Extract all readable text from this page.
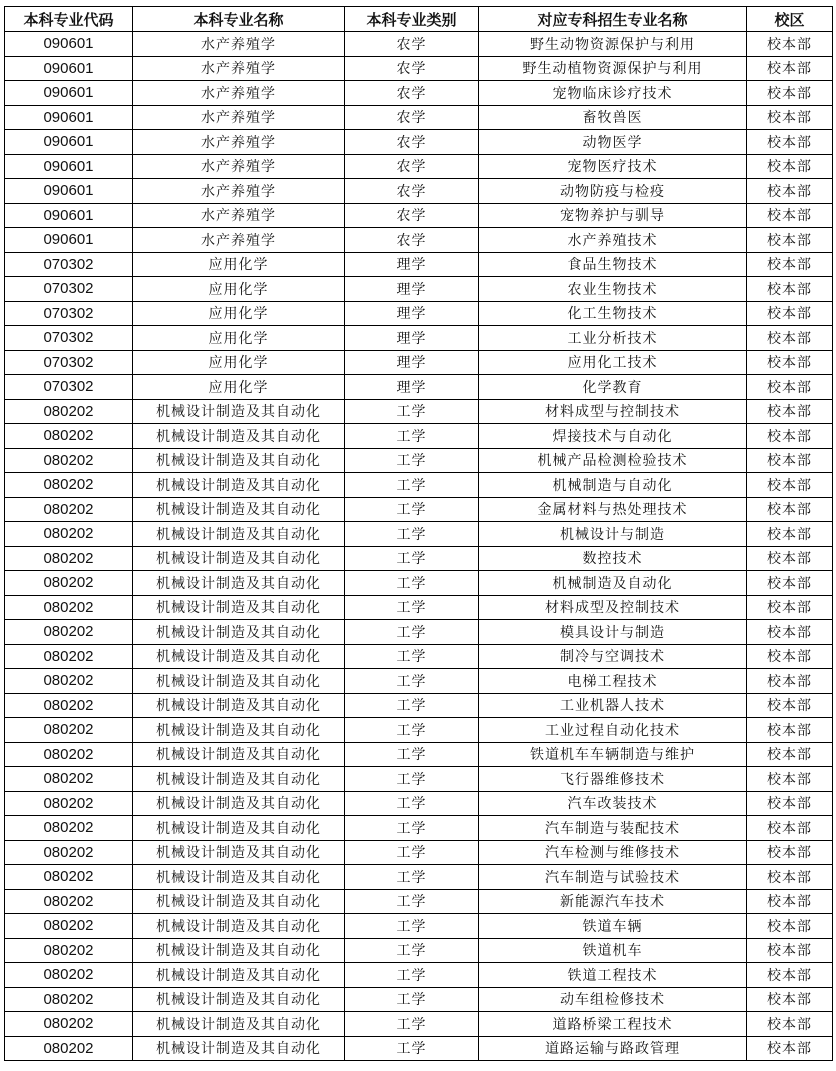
本科专业代码	本科专业名称	本科专业类别	对应专科招生专业名称	校区
090601	水产养殖学	农学	野生动物资源保护与利用	校本部
090601	水产养殖学	农学	野生动植物资源保护与利用	校本部
090601	水产养殖学	农学	宠物临床诊疗技术	校本部
090601	水产养殖学	农学	畜牧兽医	校本部
090601	水产养殖学	农学	动物医学	校本部
090601	水产养殖学	农学	宠物医疗技术	校本部
090601	水产养殖学	农学	动物防疫与检疫	校本部
090601	水产养殖学	农学	宠物养护与驯导	校本部
090601	水产养殖学	农学	水产养殖技术	校本部
070302	应用化学	理学	食品生物技术	校本部
070302	应用化学	理学	农业生物技术	校本部
070302	应用化学	理学	化工生物技术	校本部
070302	应用化学	理学	工业分析技术	校本部
070302	应用化学	理学	应用化工技术	校本部
070302	应用化学	理学	化学教育	校本部
080202	机械设计制造及其自动化	工学	材料成型与控制技术	校本部
080202	机械设计制造及其自动化	工学	焊接技术与自动化	校本部
080202	机械设计制造及其自动化	工学	机械产品检测检验技术	校本部
080202	机械设计制造及其自动化	工学	机械制造与自动化	校本部
080202	机械设计制造及其自动化	工学	金属材料与热处理技术	校本部
080202	机械设计制造及其自动化	工学	机械设计与制造	校本部
080202	机械设计制造及其自动化	工学	数控技术	校本部
080202	机械设计制造及其自动化	工学	机械制造及自动化	校本部
080202	机械设计制造及其自动化	工学	材料成型及控制技术	校本部
080202	机械设计制造及其自动化	工学	模具设计与制造	校本部
080202	机械设计制造及其自动化	工学	制冷与空调技术	校本部
080202	机械设计制造及其自动化	工学	电梯工程技术	校本部
080202	机械设计制造及其自动化	工学	工业机器人技术	校本部
080202	机械设计制造及其自动化	工学	工业过程自动化技术	校本部
080202	机械设计制造及其自动化	工学	铁道机车车辆制造与维护	校本部
080202	机械设计制造及其自动化	工学	飞行器维修技术	校本部
080202	机械设计制造及其自动化	工学	汽车改装技术	校本部
080202	机械设计制造及其自动化	工学	汽车制造与装配技术	校本部
080202	机械设计制造及其自动化	工学	汽车检测与维修技术	校本部
080202	机械设计制造及其自动化	工学	汽车制造与试验技术	校本部
080202	机械设计制造及其自动化	工学	新能源汽车技术	校本部
080202	机械设计制造及其自动化	工学	铁道车辆	校本部
080202	机械设计制造及其自动化	工学	铁道机车	校本部
080202	机械设计制造及其自动化	工学	铁道工程技术	校本部
080202	机械设计制造及其自动化	工学	动车组检修技术	校本部
080202	机械设计制造及其自动化	工学	道路桥梁工程技术	校本部
080202	机械设计制造及其自动化	工学	道路运输与路政管理	校本部
